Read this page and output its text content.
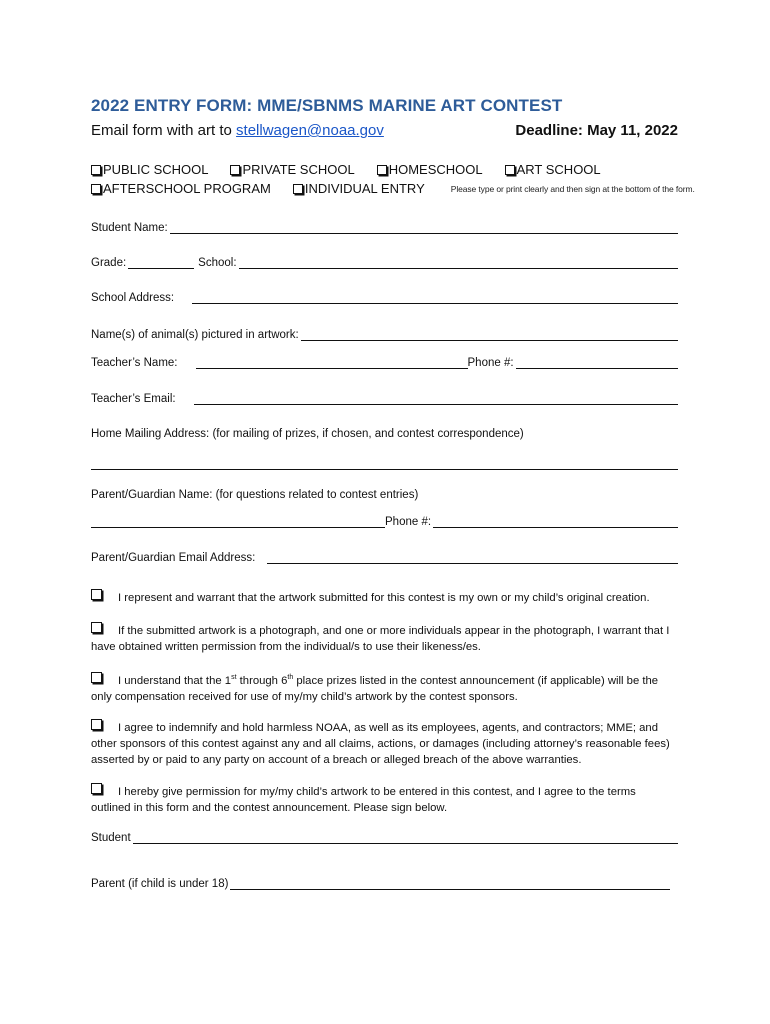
2022 ENTRY FORM: MME/SBNMS MARINE ART CONTEST
Email form with art to stellwagen@noaa.gov	Deadline: May 11, 2022
PUBLIC SCHOOL	PRIVATE SCHOOL	HOMESCHOOL	ART SCHOOL
AFTERSCHOOL PROGRAM	INDIVIDUAL ENTRY	Please type or print clearly and then sign at the bottom of the form.
Student Name:
Grade:	School:
School Address:
Name(s) of animal(s) pictured in artwork:
Teacher’s Name:	Phone #:
Teacher’s Email:
Home Mailing Address: (for mailing of prizes, if chosen, and contest correspondence)
Parent/Guardian Name: (for questions related to contest entries)
Phone #:
Parent/Guardian Email Address:
I represent and warrant that the artwork submitted for this contest is my own or my child’s original creation.
If the submitted artwork is a photograph, and one or more individuals appear in the photograph, I warrant that I have obtained written permission from the individual/s to use their likeness/es.
I understand that the 1st through 6th place prizes listed in the contest announcement (if applicable) will be the only compensation received for use of my/my child’s artwork by the contest sponsors.
I agree to indemnify and hold harmless NOAA, as well as its employees, agents, and contractors; MME; and other sponsors of this contest against any and all claims, actions, or damages (including attorney’s reasonable fees) asserted by or paid to any party on account of a breach or alleged breach of the above warranties.
I hereby give permission for my/my child’s artwork to be entered in this contest, and I agree to the terms outlined in this form and the contest announcement. Please sign below.
Student
Parent (if child is under 18)
